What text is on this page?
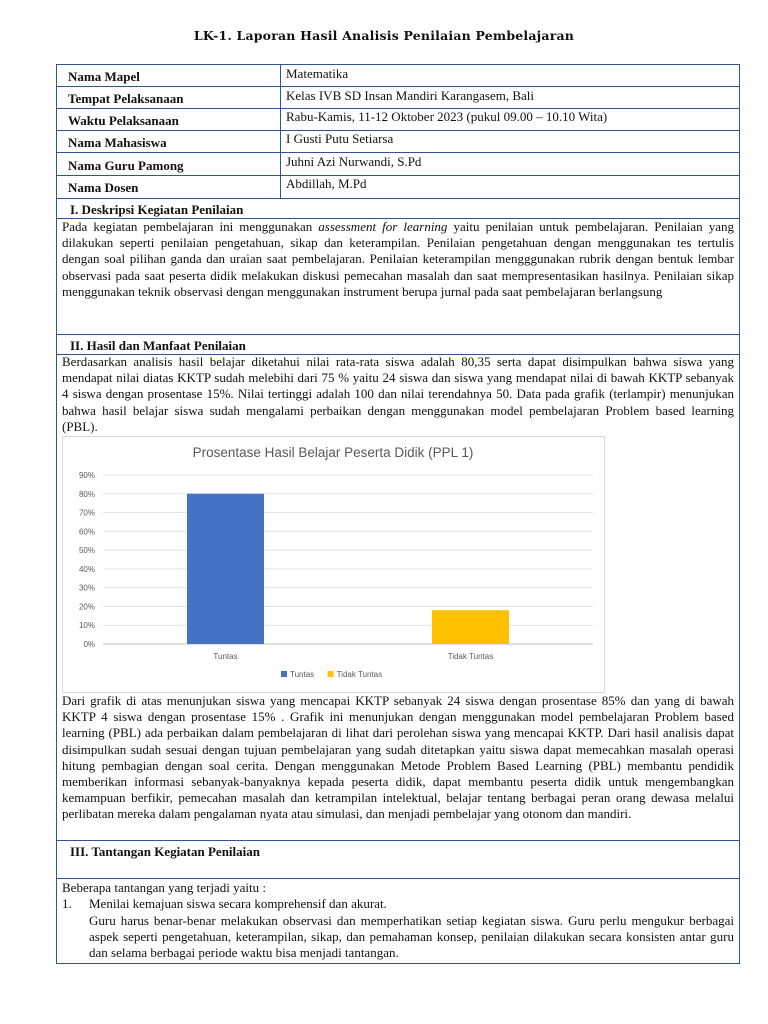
LK-1. Laporan Hasil Analisis Penilaian Pembelajaran
Nama Mapel	Matematika
Tempat Pelaksanaan	Kelas IVB SD Insan Mandiri Karangasem, Bali
Waktu Pelaksanaan	Rabu-Kamis, 11-12 Oktober 2023 (pukul 09.00 – 10.10 Wita)
Nama Mahasiswa	I Gusti Putu Setiarsa
Nama Guru Pamong	Juhni Azi Nurwandi, S.Pd
Nama Dosen	Abdillah, M.Pd
I. Deskripsi Kegiatan Penilaian
Pada kegiatan pembelajaran ini menggunakan assessment for learning yaitu penilaian untuk pembelajaran. Penilaian yang dilakukan seperti penilaian pengetahuan, sikap dan keterampilan. Penilaian pengetahuan dengan menggunakan tes tertulis dengan soal pilihan ganda dan uraian saat pembelajaran. Penilaian keterampilan mengggunakan rubrik dengan bentuk lembar observasi pada saat peserta didik melakukan diskusi pemecahan masalah dan saat mempresentasikan hasilnya. Penilaian sikap menggunakan teknik observasi dengan menggunakan instrument berupa jurnal pada saat pembelajaran berlangsung
II. Hasil dan Manfaat Penilaian
Berdasarkan analisis hasil belajar diketahui nilai rata-rata siswa adalah 80,35 serta dapat disimpulkan bahwa siswa yang mendapat nilai diatas KKTP sudah melebihi dari 75 % yaitu 24 siswa dan siswa yang mendapat nilai di bawah KKTP sebanyak 4 siswa dengan prosentase 15%. Nilai tertinggi adalah 100 dan nilai terendahnya 50. Data pada grafik (terlampir) menunjukan bahwa hasil belajar siswa sudah mengalami perbaikan dengan menggunakan model pembelajaran Problem based learning (PBL).
Prosentase Hasil Belajar Peserta Didik (PPL 1)
0%
10%
20%
30%
40%
50%
60%
70%
80%
90%
Tuntas	Tidak Tuntas
Tuntas	Tidak Tuntas
Dari grafik di atas menunjukan siswa yang mencapai KKTP sebanyak 24 siswa dengan prosentase 85% dan yang di bawah KKTP 4 siswa dengan prosentase 15% . Grafik ini menunjukan dengan menggunakan model pembelajaran Problem based learning (PBL) ada perbaikan dalam pembelajaran di lihat dari perolehan siswa yang mencapai KKTP. Dari hasil analisis dapat disimpulkan sudah sesuai dengan tujuan pembelajaran yang sudah ditetapkan yaitu siswa dapat memecahkan masalah operasi hitung pembagian dengan soal cerita. Dengan menggunakan Metode Problem Based Learning (PBL) membantu pendidik memberikan informasi sebanyak-banyaknya kepada peserta didik, dapat membantu peserta didik untuk mengembangkan kemampuan berfikir, pemecahan masalah dan ketrampilan intelektual, belajar tentang berbagai peran orang dewasa melalui perlibatan mereka dalam pengalaman nyata atau simulasi, dan menjadi pembelajar yang otonom dan mandiri.
III. Tantangan Kegiatan Penilaian
Beberapa tantangan yang terjadi yaitu :
1. Menilai kemajuan siswa secara komprehensif dan akurat.
Guru harus benar-benar melakukan observasi dan memperhatikan setiap kegiatan siswa. Guru perlu mengukur berbagai aspek seperti pengetahuan, keterampilan, sikap, dan pemahaman konsep, penilaian dilakukan secara konsisten antar guru dan selama berbagai periode waktu bisa menjadi tantangan.
